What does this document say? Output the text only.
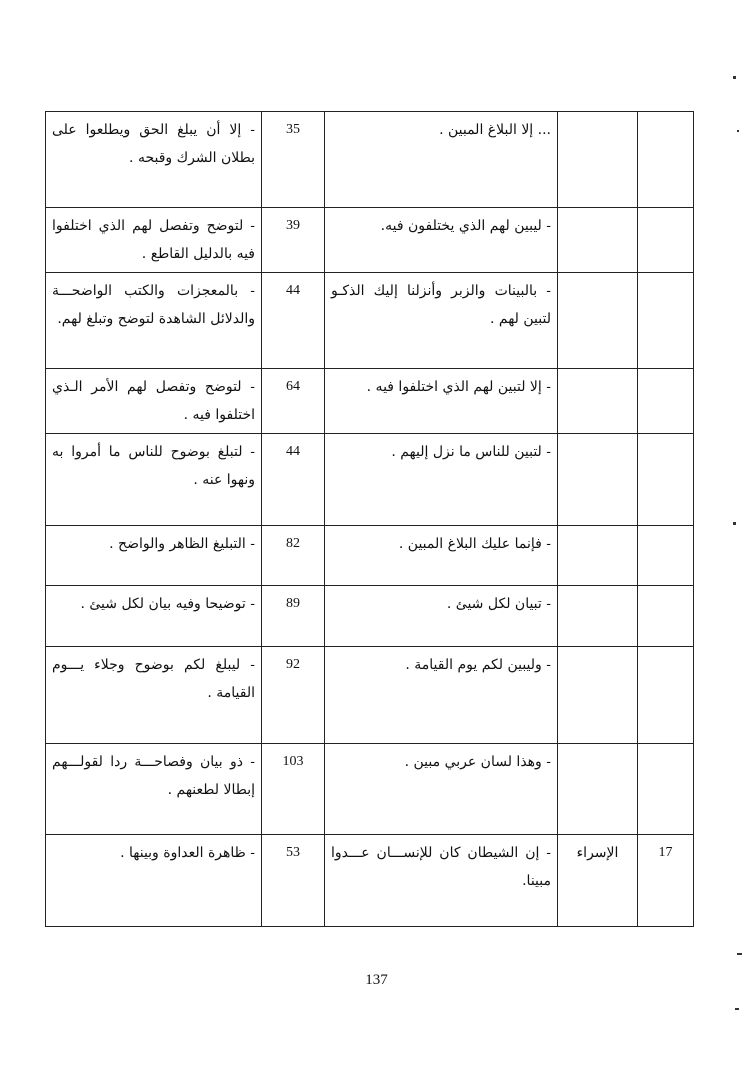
		... إلا البلاغ المبين .	35	- إلا أن يبلغ الحق ويطلعوا على بطلان الشرك وقبحه .
		- ليبين لهم الذي يختلفون فيه.	39	- لتوضح وتفصل لهم الذي اختلفوا فيه بالدليل القاطع .
		- بالبينات والزبر وأنزلنا إليك الذكـو لتبين لهم .	44	- بالمعجزات والكتب الواضحـــة والدلائل الشاهدة لتوضح وتبلغ لهم.
		- إلا لتبين لهم الذي اختلفوا فيه .	64	- لتوضح وتفصل لهم الأمر الـذي اختلفوا فيه .
		- لتبين للناس ما نزل إليهم .	44	- لتبلغ بوضوح للناس ما أمروا به ونهوا عنه .
		- فإنما عليك البلاغ المبين .	82	- التبليغ الظاهر والواضح .
		- تبيان لكل شيئ .	89	- توضيحا وفيه بيان لكل شيئ .
		- وليبين لكم يوم القيامة .	92	- ليبلغ لكم بوضوح وجلاء يـــوم القيامة .
		- وهذا لسان عربي مبين .	103	- ذو بيان وفصاحـــة ردا لقولـــهم إبطالا لطعنهم .
17	الإسراء	- إن الشيطان كان للإنســـان عـــدوا مبينا.	53	- ظاهرة العداوة وبينها .
137
